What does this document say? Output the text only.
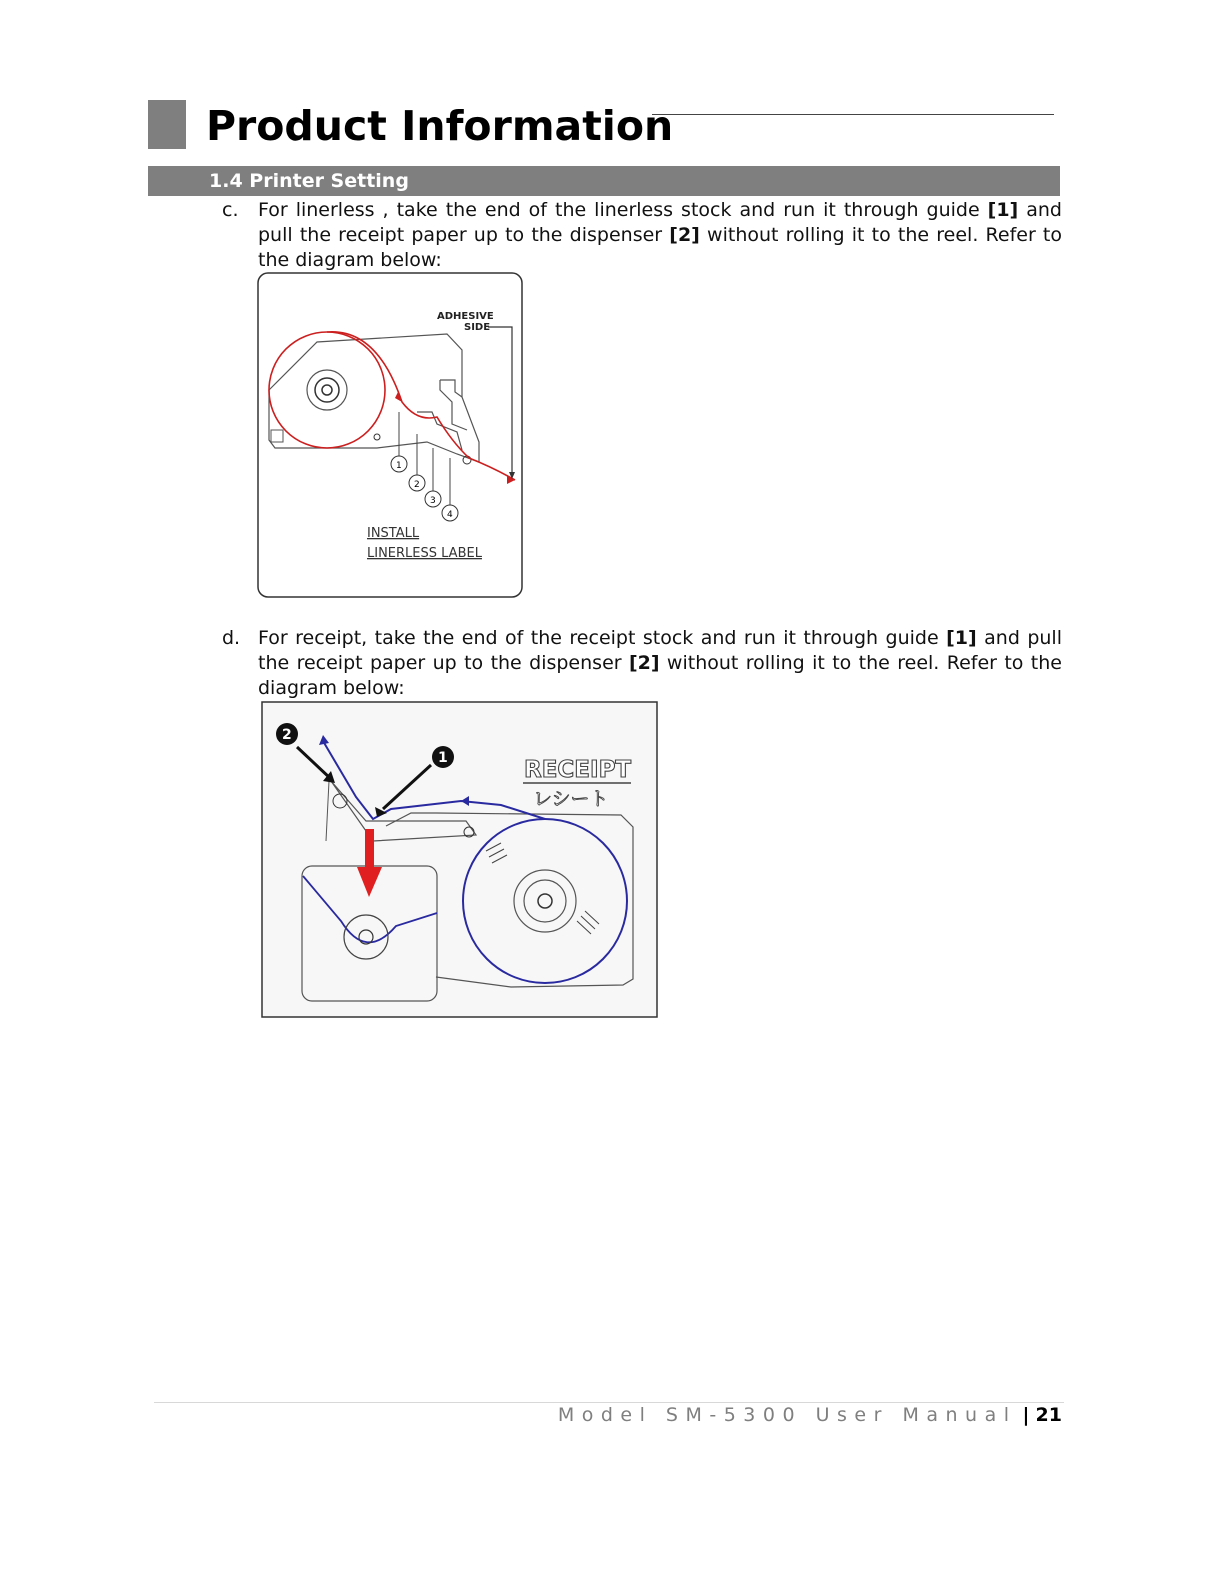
Product Information
1.4 Printer Setting
c.	For linerless , take the end of the linerless stock and run it through guide [1] and pull the receipt paper up to the dispenser [2] without rolling it to the reel. Refer to the diagram below:
ADHESIVE
SIDE
1
2
3
4
INSTALL
LINERLESS LABEL
d. For receipt, take the end of the receipt stock and run it through guide [1] and pull the receipt paper up to the dispenser [2] without rolling it to the reel. Refer to the diagram below:
2
1	RECEIPT
レシート
Model SM-5300 User Manual | 21
